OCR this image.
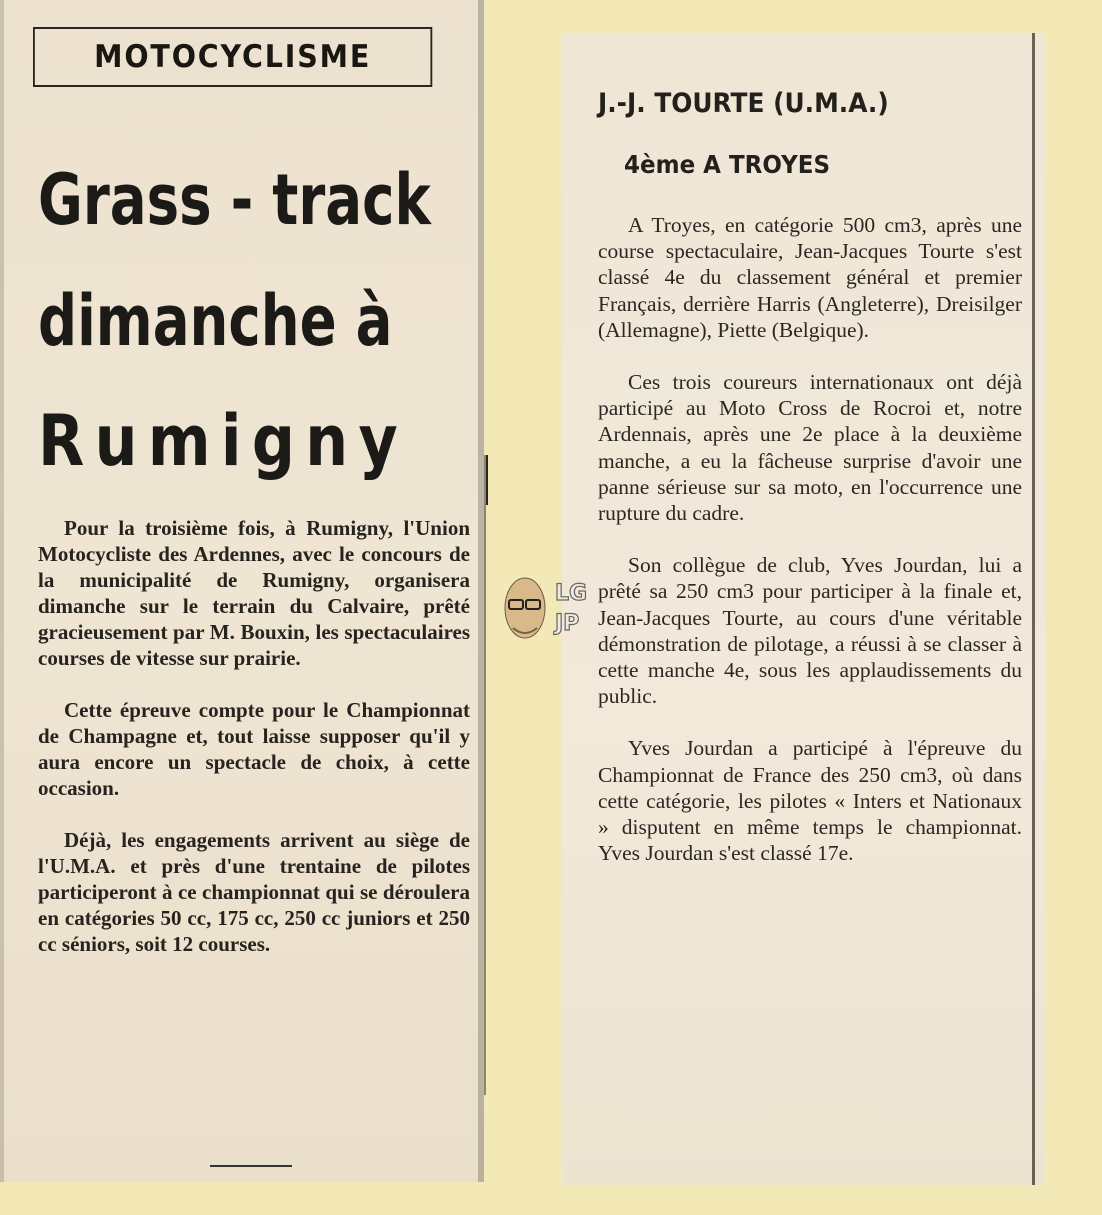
MOTOCYCLISME
Grass - track
dimanche à
Rumigny

Pour la troisième fois, à Rumigny, l'Union Motocycliste des Ardennes, avec le concours de la municipalité de Rumigny, organisera dimanche sur le terrain du Calvaire, prêté gracieusement par M. Bouxin, les spectaculaires courses de vitesse sur prairie.

Cette épreuve compte pour le Championnat de Champagne et, tout laisse supposer qu'il y aura encore un spectacle de choix, à cette occasion.

Déjà, les engagements arrivent au siège de l'U.M.A. et près d'une trentaine de pilotes participeront à ce championnat qui se déroulera en catégories 50 cc, 175 cc, 250 cc juniors et 250 cc séniors, soit 12 courses.

J.-J. TOURTE (U.M.A.)
4ème A TROYES

A Troyes, en catégorie 500 cm3, après une course spectaculaire, Jean-Jacques Tourte s'est classé 4e du classement général et premier Français, derrière Harris (Angleterre), Dreisilger (Allemagne), Piette (Belgique).

Ces trois coureurs internationaux ont déjà participé au Moto Cross de Rocroi et, notre Ardennais, après une 2e place à la deuxième manche, a eu la fâcheuse surprise d'avoir une panne sérieuse sur sa moto, en l'occurrence une rupture du cadre.

Son collègue de club, Yves Jourdan, lui a prêté sa 250 cm3 pour participer à la finale et, Jean-Jacques Tourte, au cours d'une véritable démonstration de pilotage, a réussi à se classer à cette manche 4e, sous les applaudissements du public.

Yves Jourdan a participé à l'épreuve du Championnat de France des 250 cm3, où dans cette catégorie, les pilotes « Inters et Nationaux » disputent en même temps le championnat. Yves Jourdan s'est classé 17e.

LG
JP
